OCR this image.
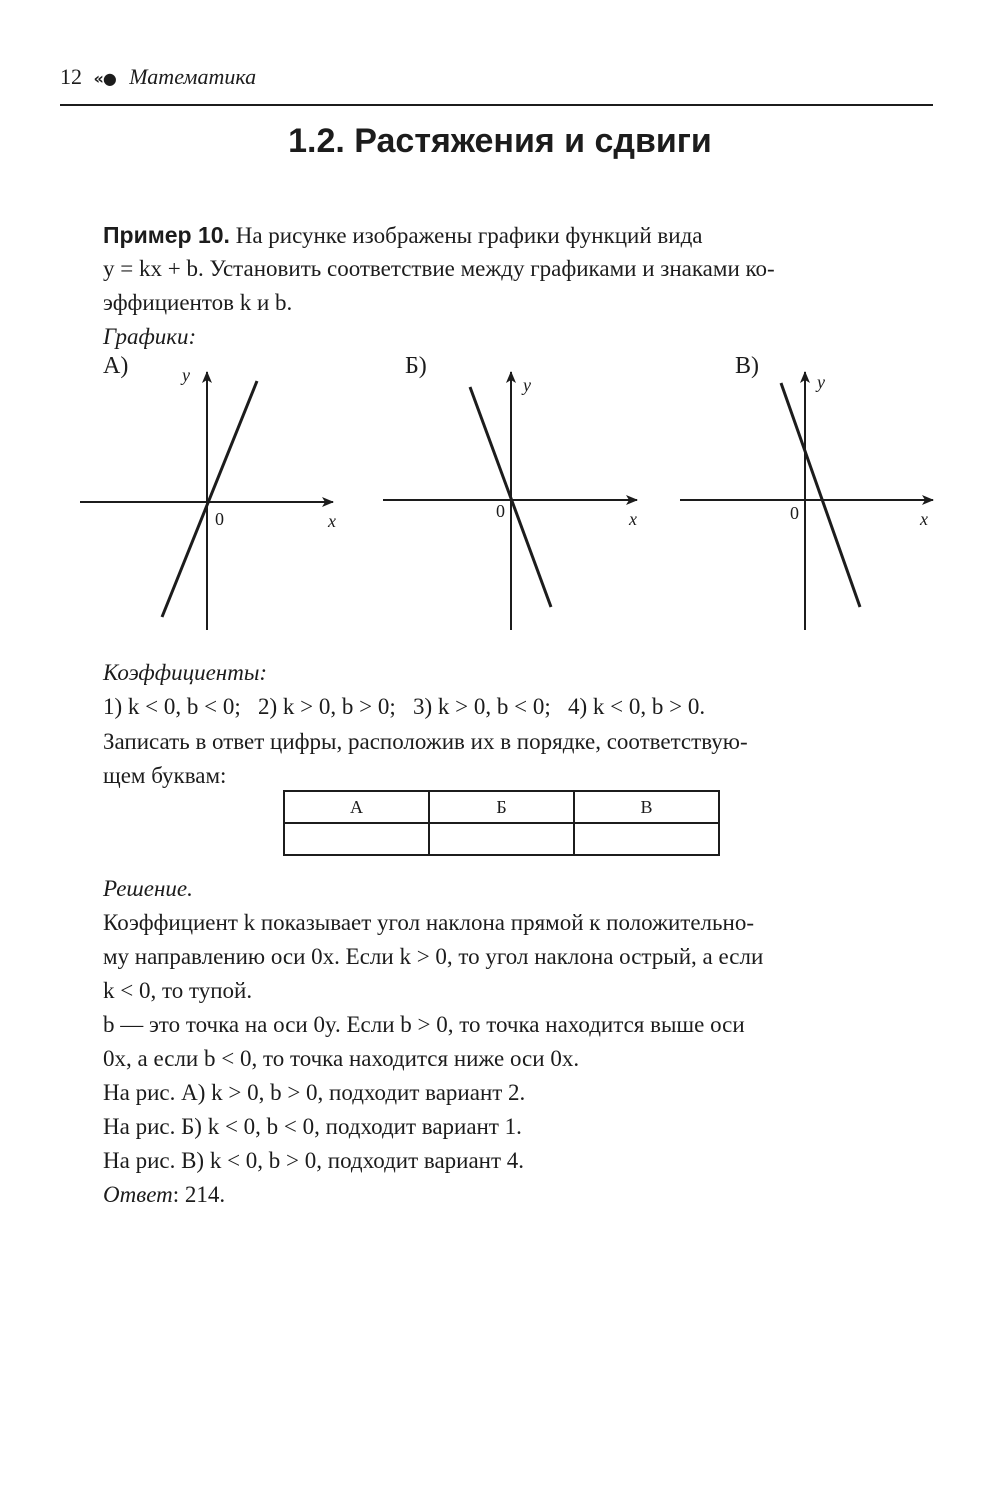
12 «● Математика
1.2. Растяжения и сдвиги
Пример 10. На рисунке изображены графики функций вида
y = kx + b. Установить соответствие между графиками и знаками ко-
эффициентов k и b.
Графики:
А)	Б)	В)
y
0	x
y
0	x
y
0	x
Коэффициенты:
1) k < 0, b < 0;   2) k > 0, b > 0;   3) k > 0, b < 0;   4) k < 0, b > 0.
Записать в ответ цифры, расположив их в порядке, соответствую-
щем буквам:
А	Б	В

Решение.
Коэффициент k показывает угол наклона прямой к положительно-
му направлению оси 0x. Если k > 0, то угол наклона острый, а если
k < 0, то тупой.
b — это точка на оси 0y. Если b > 0, то точка находится выше оси
0x, а если b < 0, то точка находится ниже оси 0x.
На рис. А) k > 0, b > 0, подходит вариант 2.
На рис. Б) k < 0, b < 0, подходит вариант 1.
На рис. В) k < 0, b > 0, подходит вариант 4.
Ответ: 214.
